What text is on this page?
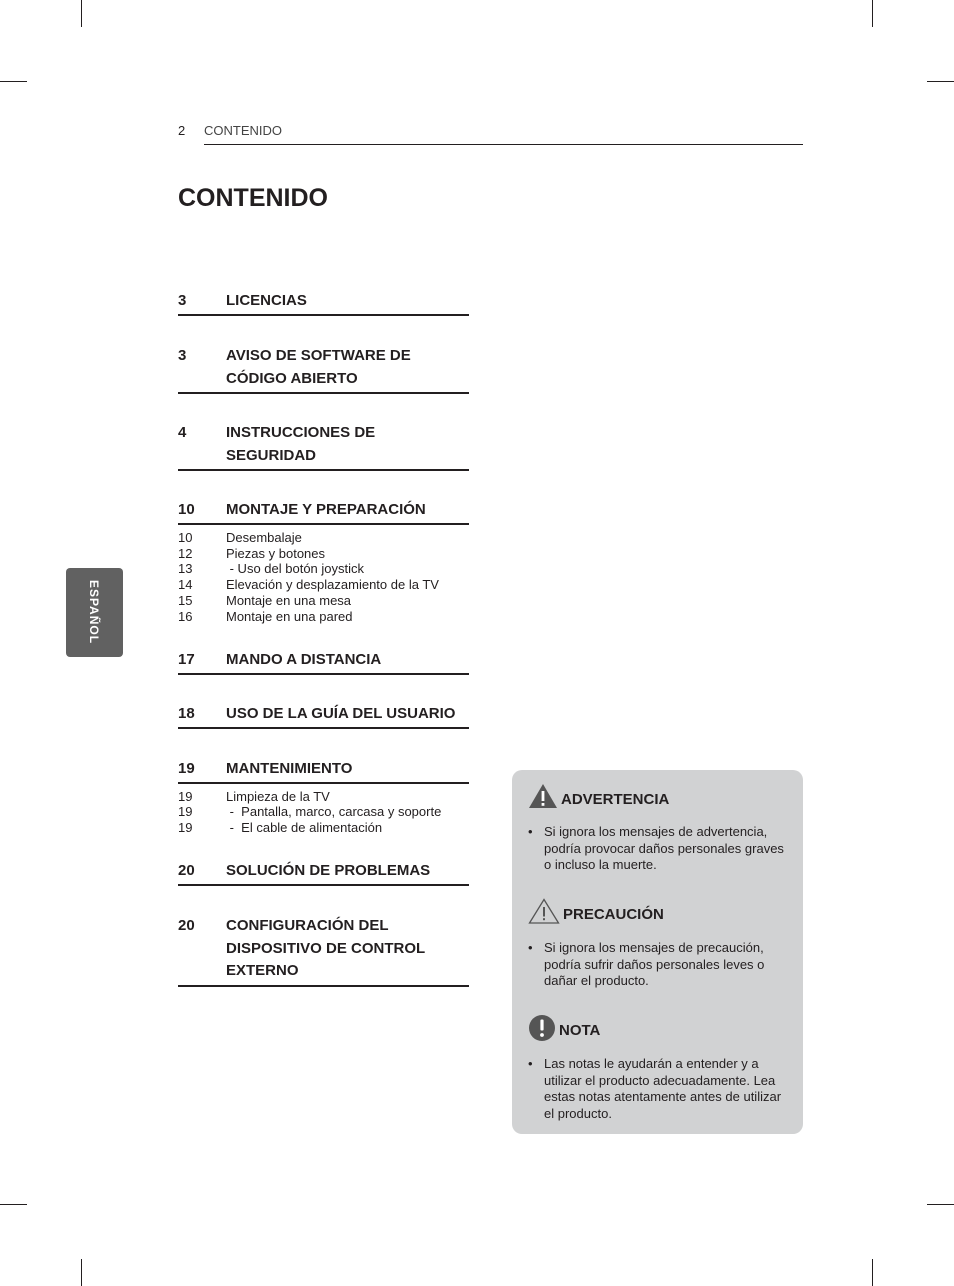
2 CONTENIDO
CONTENIDO
ESPAÑOL
3	LICENCIAS
3	AVISO DE SOFTWARE DE CÓDIGO ABIERTO
4	INSTRUCCIONES DE SEGURIDAD
10 MONTAJE Y PREPARACIÓN
10	Desembalaje
12	Piezas y botones
13	- Uso del botón joystick
14	Elevación y desplazamiento de la TV
15	Montaje en una mesa
16	Montaje en una pared
17 MANDO A DISTANCIA
18 USO DE LA GUÍA DEL USUARIO
19 MANTENIMIENTO
19	Limpieza de la TV
19	-  Pantalla, marco, carcasa y soporte
19	-  El cable de alimentación
20 SOLUCIÓN DE PROBLEMAS
20 CONFIGURACIÓN DEL DISPOSITIVO DE CONTROL EXTERNO
ADVERTENCIA
• Si ignora los mensajes de advertencia, podría provocar daños personales graves o incluso la muerte.
PRECAUCIÓN
• Si ignora los mensajes de precaución, podría sufrir daños personales leves o dañar el producto.
NOTA
• Las notas le ayudarán a entender y a utilizar el producto adecuadamente. Lea estas notas atentamente antes de utilizar el producto.
